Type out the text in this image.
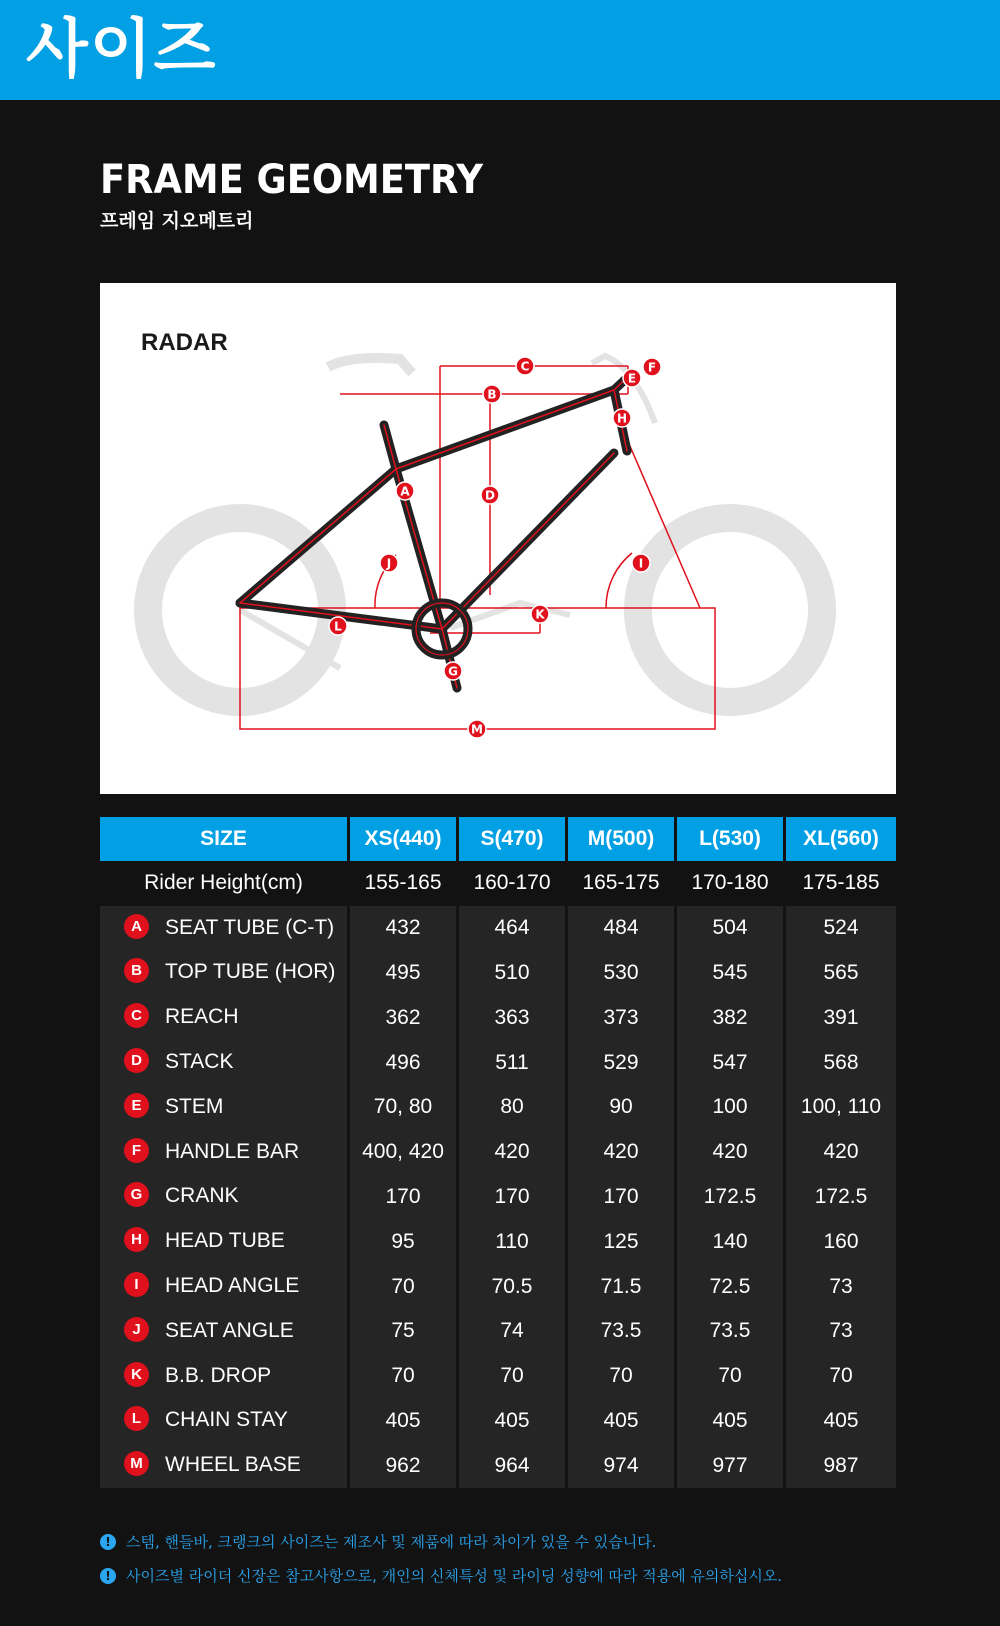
사이즈
FRAME GEOMETRY
프레임 지오메트리
RADAR
A
B
C
D
E
F
G
H
I
J
K
L
M
SIZE	XS(440)	S(470)	M(500)	L(530)	XL(560)
Rider Height(cm)	155-165	160-170	165-175	170-180	175-185
A SEAT TUBE (C-T)	432	464	484	504	524
B TOP TUBE (HOR)	495	510	530	545	565
C REACH	362	363	373	382	391
D STACK	496	511	529	547	568
E STEM	70, 80	80	90	100	100, 110
F HANDLE BAR	400, 420	420	420	420	420
G CRANK	170	170	170	172.5	172.5
H HEAD TUBE	95	110	125	140	160
I HEAD ANGLE	70	70.5	71.5	72.5	73
J SEAT ANGLE	75	74	73.5	73.5	73
K B.B. DROP	70	70	70	70	70
L CHAIN STAY	405	405	405	405	405
M WHEEL BASE	962	964	974	977	987
!	스템, 핸들바, 크랭크의 사이즈는 제조사 및 제품에 따라 차이가 있을 수 있습니다.
!	사이즈별 라이더 신장은 참고사항으로, 개인의 신체특성 및 라이딩 성향에 따라 적용에 유의하십시오.
